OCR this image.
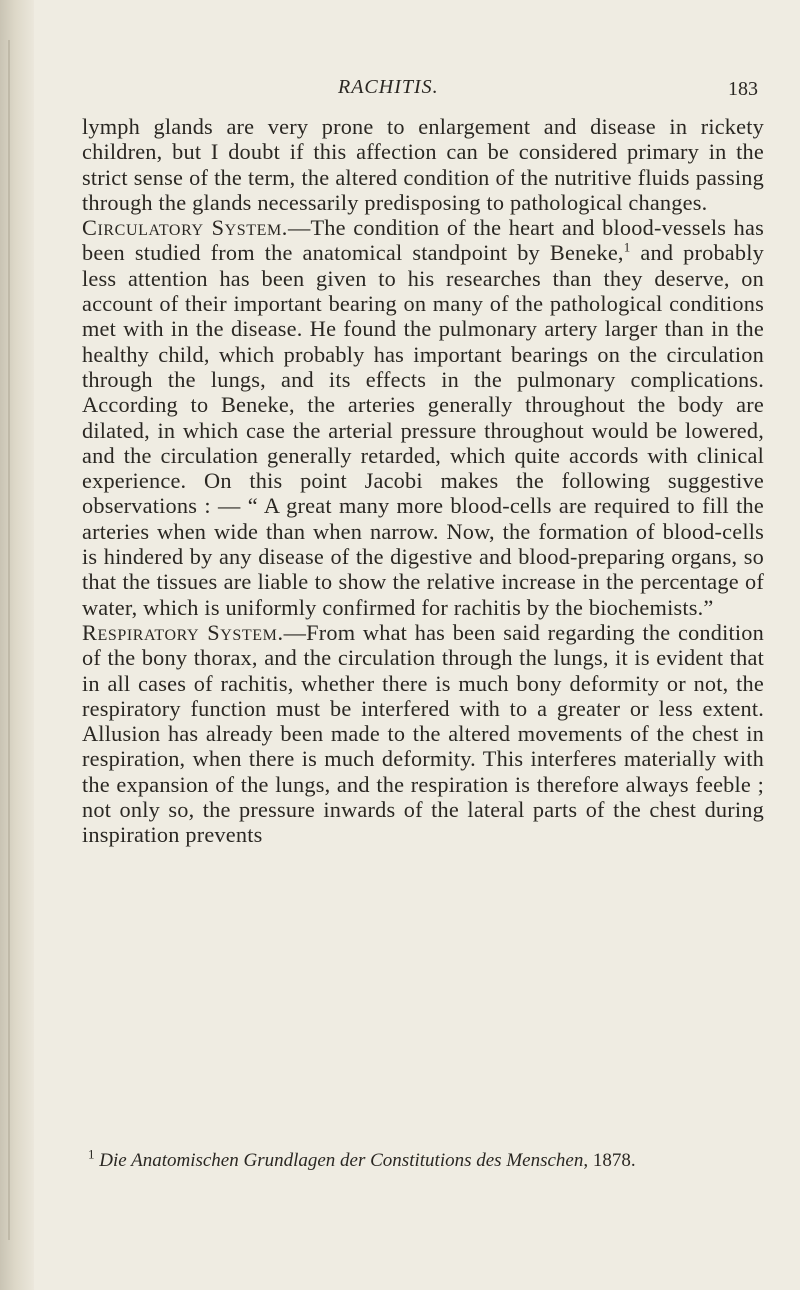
RACHITIS.	183

lymph glands are very prone to enlargement and disease in rickety children, but I doubt if this affection can be considered primary in the strict sense of the term, the altered condition of the nutritive fluids passing through the glands necessarily predisposing to pathological changes.

Circulatory System.—The condition of the heart and blood-vessels has been studied from the anatomical standpoint by Beneke,$^1$ and probably less attention has been given to his researches than they deserve, on account of their important bearing on many of the pathological conditions met with in the disease. He found the pulmonary artery larger than in the healthy child, which probably has important bearings on the circulation through the lungs, and its effects in the pulmonary complications. According to Beneke, the arteries generally throughout the body are dilated, in which case the arterial pressure throughout would be lowered, and the circulation generally retarded, which quite accords with clinical experience. On this point Jacobi makes the following suggestive observations : — “ A great many more blood-cells are required to fill the arteries when wide than when narrow. Now, the formation of blood-cells is hindered by any disease of the digestive and blood-preparing organs, so that the tissues are liable to show the relative increase in the percentage of water, which is uniformly confirmed for rachitis by the biochemists.”

Respiratory System.—From what has been said regarding the condition of the bony thorax, and the circulation through the lungs, it is evident that in all cases of rachitis, whether there is much bony deformity or not, the respiratory function must be interfered with to a greater or less extent. Allusion has already been made to the altered movements of the chest in respiration, when there is much deformity. This interferes materially with the expansion of the lungs, and the respiration is therefore always feeble ; not only so, the pressure inwards of the lateral parts of the chest during inspiration prevents

$^1$ Die Anatomischen Grundlagen der Constitutions des Menschen, 1878.
